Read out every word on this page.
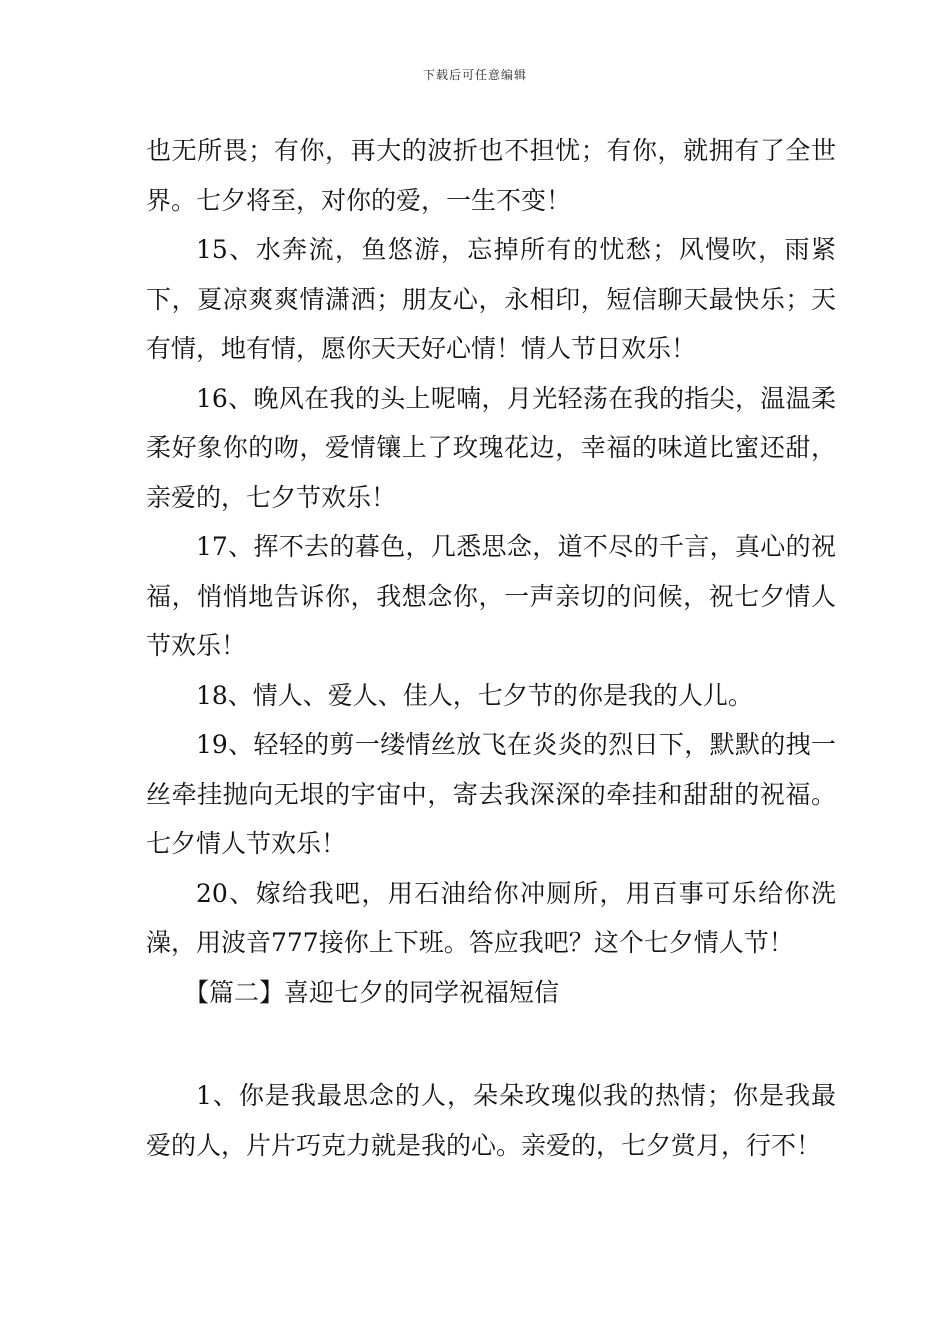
下载后可任意编辑

也无所畏；有你，再大的波折也不担忧；有你，就拥有了全世界。七夕将至，对你的爱，一生不变！

15、水奔流，鱼悠游，忘掉所有的忧愁；风慢吹，雨紧下，夏凉爽爽情潇洒；朋友心，永相印，短信聊天最快乐；天有情，地有情，愿你天天好心情！情人节日欢乐！

16、晚风在我的头上呢喃，月光轻荡在我的指尖，温温柔柔好象你的吻，爱情镶上了玫瑰花边，幸福的味道比蜜还甜，亲爱的，七夕节欢乐！

17、挥不去的暮色，几悉思念，道不尽的千言，真心的祝福，悄悄地告诉你，我想念你，一声亲切的问候，祝七夕情人节欢乐！

18、情人、爱人、佳人，七夕节的你是我的人儿。

19、轻轻的剪一缕情丝放飞在炎炎的烈日下，默默的拽一丝牵挂抛向无垠的宇宙中，寄去我深深的牵挂和甜甜的祝福。七夕情人节欢乐！

20、嫁给我吧，用石油给你冲厕所，用百事可乐给你洗澡，用波音777接你上下班。答应我吧？这个七夕情人节！

【篇二】喜迎七夕的同学祝福短信

1、你是我最思念的人，朵朵玫瑰似我的热情；你是我最爱的人，片片巧克力就是我的心。亲爱的，七夕赏月，行不！
